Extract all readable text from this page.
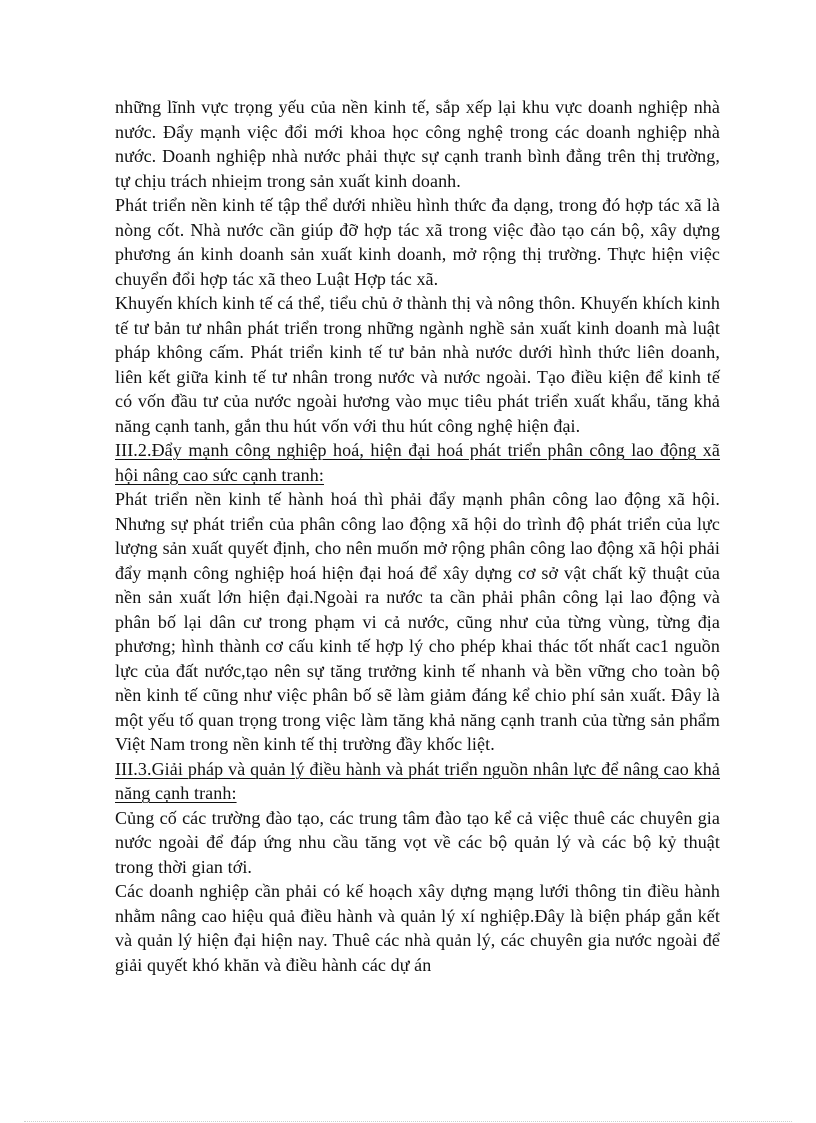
những lĩnh vực trọng yếu của nền kinh tế, sắp xếp lại khu vực doanh nghiệp nhà nước. Đẩy mạnh việc đổi mới khoa học công nghệ trong các doanh nghiệp nhà nước. Doanh nghiệp nhà nước phải thực sự cạnh tranh bình đẳng trên thị trường, tự chịu trách nhieịm trong sản xuất kinh doanh.

Phát triển nền kinh tế tập thể dưới nhiều hình thức đa dạng, trong đó hợp tác xã là nòng cốt. Nhà nước cần giúp đỡ hợp tác xã trong việc đào tạo cán bộ, xây dựng phương án kinh doanh sản xuất kinh doanh, mở rộng thị trường. Thực hiện việc chuyển đổi hợp tác xã theo Luật Hợp tác xã.

Khuyến khích kinh tế cá thể, tiểu chủ ở thành thị và nông thôn. Khuyến khích kinh tế tư bản tư nhân phát triển trong những ngành nghề sản xuất kinh doanh mà luật pháp không cấm. Phát triển kinh tế tư bản nhà nước dưới hình thức liên doanh, liên kết giữa kinh tế tư nhân trong nước và nước ngoài. Tạo điều kiện để kinh tế có vốn đầu tư của nước ngoài hương vào mục tiêu phát triển xuất khẩu, tăng khả năng cạnh tanh, gắn thu hút vốn với thu hút công nghệ hiện đại.

III.2.Đẩy mạnh công nghiệp hoá, hiện đại hoá phát triển phân công lao động xã hội nâng cao sức cạnh tranh:

Phát triển nền kinh tế hành hoá thì phải đẩy mạnh phân công lao động xã hội. Nhưng sự phát triển của phân công lao động xã hội do trình độ phát triển của lực lượng sản xuất quyết định, cho nên muốn mở rộng phân công lao động xã hội phải đẩy mạnh công nghiệp hoá hiện đại hoá để xây dựng cơ sở vật chất kỹ thuật của nền sản xuất lớn hiện đại.Ngoài ra nước ta cần phải phân công lại lao động và phân bố lại dân cư trong phạm vi cả nước, cũng như của từng vùng, từng địa phương; hình thành cơ cấu kinh tế hợp lý cho phép khai thác tốt nhất cac1 nguồn lực của đất nước,tạo nên sự tăng trưởng kinh tế nhanh và bền vững cho toàn bộ nền kinh tế cũng như việc phân bố sẽ làm giảm đáng kể chio phí sản xuất. Đây là một yếu tố quan trọng trong việc làm tăng khả năng cạnh tranh của từng sản phẩm Việt Nam trong nền kinh tế thị trường đầy khốc liệt.

III.3.Giải pháp và quản lý điều hành và phát triển nguồn nhân lực để nâng cao khả năng cạnh tranh:

Củng cố các trường đào tạo, các trung tâm đào tạo kể cả việc thuê các chuyên gia nước ngoài để đáp ứng nhu cầu tăng vọt về các bộ quản lý và các bộ kỷ thuật trong thời gian tới.

Các doanh nghiệp cần phải có kế hoạch xây dựng mạng lưới thông tin điều hành nhằm nâng cao hiệu quả điều hành và quản lý xí nghiệp.Đây là biện pháp gắn kết và quản lý hiện đại hiện nay. Thuê các nhà quản lý, các chuyên gia nước ngoài để giải quyết khó khăn và điều hành các dự án
